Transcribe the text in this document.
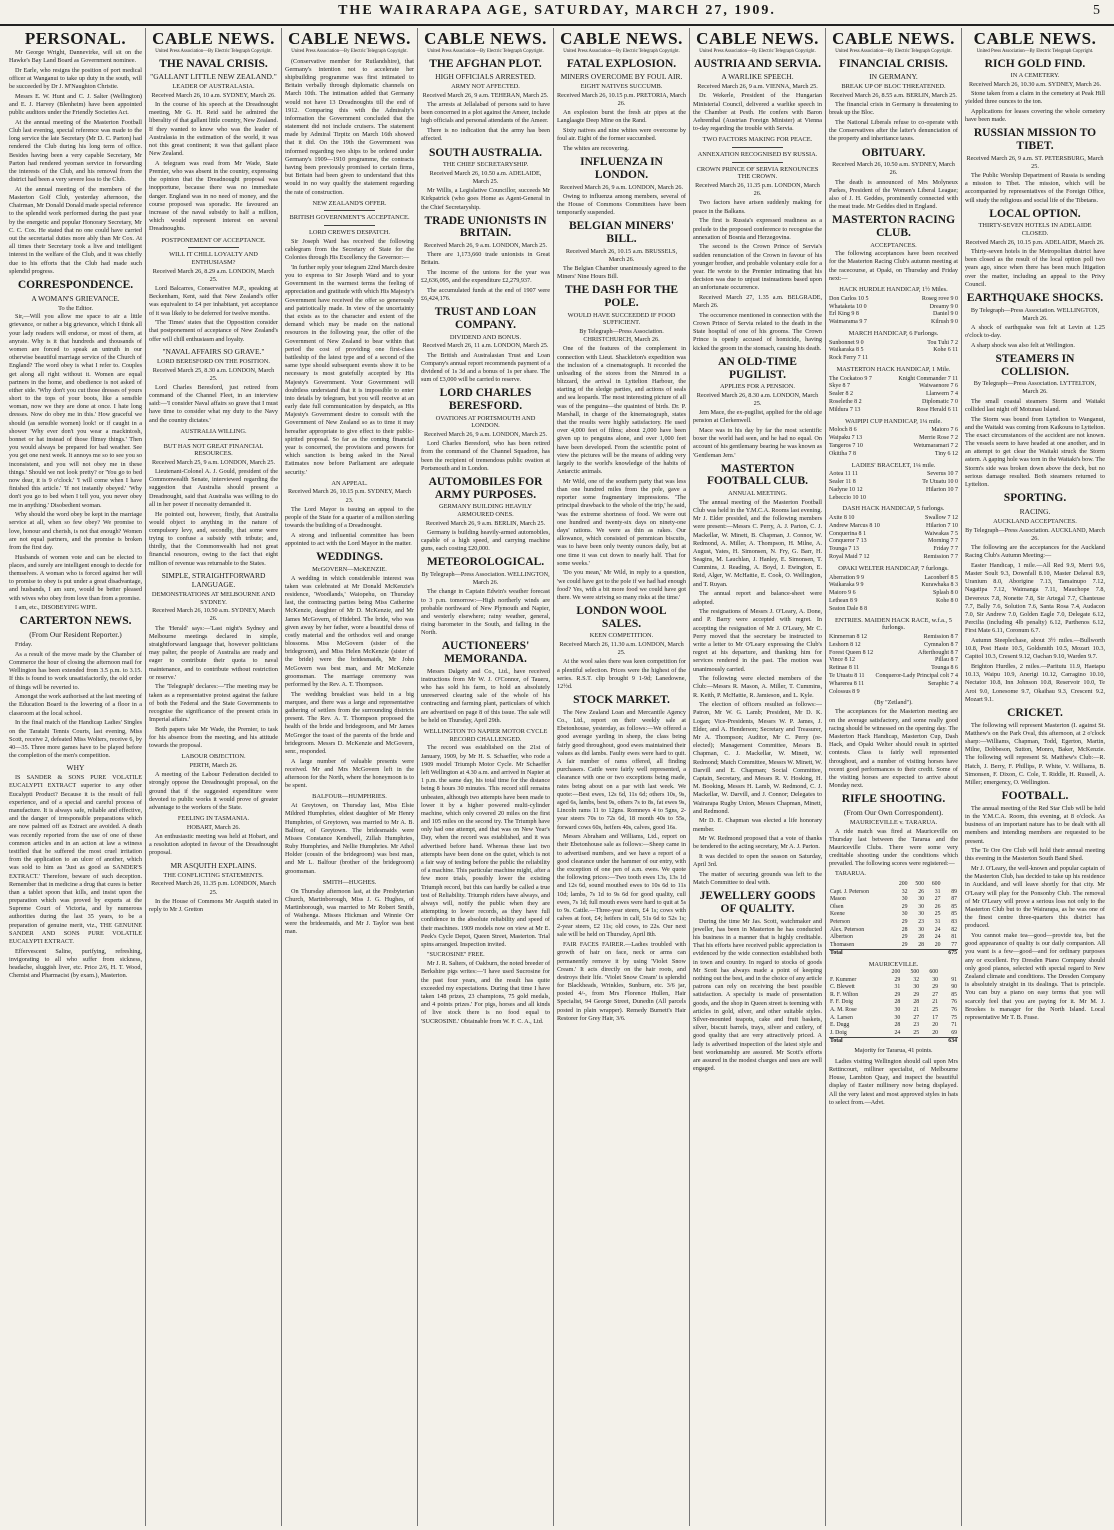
THE WAIRARAPA AGE, SATURDAY, MARCH 27, 1909.	5
PERSONAL.

Mr George Wright, Dannevirke, will sit on the Hawke's Bay Land Board as Government nominee.

Dr Earle, who resigns the position of port medical officer at Wanganui to take up duty in the south, will be succeeded by Dr J. M'Naughton Christie.

Messrs E. W. Hunt and C. J. Salter (Wellington) and E. J. Harvey (Blenheim) have been appointed public auditors under the Friendly Societies Act.

At the annual meeting of the Masterton Football Club last evening, special reference was made to the long service the late Secretary (Mr D. C. Parton) had rendered the Club during his long term of office. Besides having been a very capable Secretary, Mr Parton had rendered yeoman service in forwarding the interests of the Club, and his removal from the district had been a very severe loss to the Club.

At the annual meeting of the members of the Masterton Golf Club, yesterday afternoon, the Chairman, Mr Donald Donald made special reference to the splendid work performed during the past year by the energetic and popular Honorary Secretary, Mr C. C. Cox. He stated that no one could have carried out the secretarial duties more ably than Mr Cox. At all times their Secretary took a live and intelligent interest in the welfare of the Club, and it was chiefly due to his efforts that the Club had made such splendid progress.

CORRESPONDENCE.
A WOMAN'S GRIEVANCE.
To the Editor.

Sir,—Will you allow me space to air a little grievance, or rather a big grievance, which I think all your lady readers will endorse, or most of them, at anyrate. Why is it that hundreds and thousands of women are forced to speak an untruth in our otherwise beautiful marriage service of the Church of England? The word obey is what I refer to. Couples get along all right without it. Women are equal partners in the home, and obedience is not asked of either side. 'Why don't you cut those dresses of yours short to the tops of your boots, like a sensible woman, now we they are done at once. I hate long dresses. Now do obey me in this.' How graceful we should (as sensible women) look! or if caught in a shower 'Why ever don't you wear a mackintosh, bonnet or hat instead of those flimsy things.' Then you would always be prepared for bad weather. See you get one next week. It annoys me so to see you so inconsistent, and you will not obey me in these things.' Should we not look pretty? or 'You go to bed now dear, it is 9 o'clock.' 'I will come when I have finished this article.' 'If not instantly obeyed.' 'Why don't you go to bed when I tell you, you never obey me in anything.' Disobedient woman.

Why should the word obey be kept in the marriage service at all, when so few obey? We promise to love, honour and cherish, is not that enough? Women are not equal partners, and the promise is broken from the first day.

Husbands of women vote and can be elected to places, and surely are intelligent enough to decide for themselves. A woman who is forced against her will to promise to obey is put under a great disadvantage, and husbands, I am sure, would be better pleased with wives who obey from love than from a promise.

I am, etc., DISOBEYING WIFE.

CARTERTON NEWS.
(From Our Resident Reporter.)

Friday.

As a result of the move made by the Chamber of Commerce the hour of closing the afternoon mail for Wellington has been extended from 3.5 p.m. to 3.15. If this is found to work unsatisfactorily, the old order of things will be reverted to.

Amongst the work authorised at the last meeting of the Education Board is the lowering of a floor in a classroom at the local school.

In the final match of the Handicap Ladies' Singles on the Taratahi Tennis Courts, last evening, Miss Scott, receive 2, defeated Miss Wolters, receive 6, by 40—35. Three more games have to be played before the completion of the men's competition.

WHY

IS SANDER & SONS PURE VOLATILE EUCALYPTI EXTRACT superior to any other Eucalypti Product? Because it is the result of full experience, and of a special and careful process of manufacture. It is always safe, reliable and effective, and the danger of irresponsible preparations which are now palmed off as Extract are avoided. A death was recently reported from the use of one of these common articles and in an action at law a witness testified that he suffered the most cruel irritation from the application to an ulcer of another, which was sold to him as 'Just as good as SANDER'S EXTRACT.' Therefore, beware of such deception. Remember that in medicine a drug that cures is better than a tablet spoon that kills, and insist upon the preparation which was proved by experts at the Supreme Court of Victoria, and by numerous authorities during the last 35 years, to be a preparation of genuine merit, viz., THE GENUINE SANDER AND SONS PURE VOLATILE EUCALYPTI EXTRACT.

Effervescent Saline, purifying, refreshing, invigorating to all who suffer from sickness, headache, sluggish liver, etc. Price 2/6, H. T. Wood, Chemist and Pharmacist (by exam.), Masterton.

CABLE NEWS.
United Press Association—By Electric Telegraph Copyright.
THE NAVAL CRISIS.
"GALLANT LITTLE NEW ZEALAND."
LEADER OF AUSTRALASIA.
Received March 26, 10 a.m. SYDNEY, March 26.

In the course of his speech at the Dreadnought meeting, Mr G. H. Reid said he admired the liberality of that gallant little country, New Zealand. If they wanted to know who was the leader of Australasia in the estimation of the world, it was not this great continent; it was that gallant place New Zealand.

A telegram was read from Mr Wade, State Premier, who was absent in the country, expressing the opinion that the Dreadnought proposal was inopportune, because there was no immediate danger. England was in no need of money, and the course proposed was sporadic. He favoured an increase of the naval subsidy to half a million, which would represent interest on several Dreadnoughts.

POSTPONEMENT OF ACCEPTANCE.
WILL IT CHILL LOYALTY AND ENTHUSIASM?
Received March 26, 8.29 a.m. LONDON, March 25.

Lord Balcarres, Conservative M.P., speaking at Beckenham, Kent, said that New Zealand's offer was equivalent to £4 per inhabitant, yet acceptance of it was likely to be deferred for twelve months.

'The Times' states that the Opposition consider that postponement of acceptance of New Zealand's offer will chill enthusiasm and loyalty.

"NAVAL AFFAIRS SO GRAVE."
LORD BERESFORD ON THE POSITION.
Received March 25, 8.30 a.m. LONDON, March 25.

Lord Charles Beresford, just retired from command of the Channel Fleet, in an interview said:—'I consider Naval affairs so grave that I must have time to consider what my duty to the Navy and the country dictates.'

AUSTRALIA WILLING.
BUT HAS NOT GREAT FINANCIAL RESOURCES.
Received March 25, 9 a.m. LONDON, March 25.

Lieutenant-Colonel A. J. Gould, president of the Commonwealth Senate, interviewed regarding the suggestion that Australia should present a Dreadnought, said that Australia was willing to do all in her power if necessity demanded it.

He pointed out, however, firstly, that Australia would object to anything in the nature of compulsory levy, and, secondly, that some were trying to confuse a subsidy with tribute; and, thirdly, that the Commonwealth had not great financial resources, owing to the fact that eight million of revenue was returnable to the States.

SIMPLE, STRAIGHTFORWARD LANGUAGE.
DEMONSTRATIONS AT MELBOURNE AND SYDNEY.
Received March 26, 10.50 a.m. SYDNEY, March 26.

The 'Herald' says:—'Last night's Sydney and Melbourne meetings declared in simple, straightforward language that, however politicians may palter, the people of Australia are ready and eager to contribute their quota to naval maintenance, and to contribute without restriction or reserve.'

The 'Telegraph' declares:—'The meeting may be taken as a representative protest against the failure of both the Federal and the State Governments to recognise the significance of the present crisis in Imperial affairs.'

Both papers take Mr Wade, the Premier, to task for his absence from the meeting, and his attitude towards the proposal.

LABOUR OBJECTION.
PERTH, March 26.

A meeting of the Labour Federation decided to strongly oppose the Dreadnought proposal, on the ground that if the suggested expenditure were devoted to public works it would prove of greater advantage to the workers of the State.

FEELING IN TASMANIA.
HOBART, March 26.

An enthusiastic meeting was held at Hobart, and a resolution adopted in favour of the Dreadnought proposal.

MR ASQUITH EXPLAINS.
THE CONFLICTING STATEMENTS.
Received March 26, 11.35 p.m. LONDON, March 25.

In the House of Commons Mr Asquith stated in reply to Mr J. Gretton

CABLE NEWS.
United Press Association—By Electric Telegraph Copyright.

(Conservative member for Rutlandshire), that Germany's intention not to accelerate her shipbuilding programme was first intimated to Britain verbally through diplomatic channels on March 10th. The intimation added that Germany would not have 13 Dreadnoughts till the end of 1912. Comparing this with the Admiralty's information the Government concluded that the statement did not include cruisers. The statement made by Admiral Tirpitz on March 16th showed that it did. On the 19th the Government was informed regarding two ships to be ordered under Germany's 1909—1910 programme, the contracts having been previously promised to certain firms, but Britain had been given to understand that this would in no way qualify the statement regarding the rate of construction.

NEW ZEALAND'S OFFER.
BRITISH GOVERNMENT'S ACCEPTANCE.
LORD CREWE'S DESPATCH.

Sir Joseph Ward has received the following cablegram from the Secretary of State for the Colonies through His Excellency the Governor:—

'In further reply your telegram 22nd March desire you to express to Sir Joseph Ward and to your Government in the warmest terms the feeling of appreciation and gratitude with which His Majesty's Government have received the offer so generously and patriotically made. In view of the uncertainty that exists as to the character and extent of the demand which may be made on the national resources in the following year, the offer of the Government of New Zealand to bear within that period the cost of providing one first-class battleship of the latest type and of a second of the same type should subsequent events show it to be necessary is most gratefully accepted by His Majesty's Government. Your Government will doubtless understand that it is impossible to enter into details by telegram, but you will receive at an early date full communication by despatch, as His Majesty's Government desire to consult with the Government of New Zealand so as to time it may hereafter appropriate to give effect to their public-spirited proposal. So far as the coming financial year is concerned, the provisions and powers for which sanction is being asked in the Naval Estimates now before Parliament are adequate security.'

AN APPEAL.
Received March 26, 10.15 p.m. SYDNEY, March 23.

The Lord Mayor is issuing an appeal to the people of the State for a quarter of a million sterling towards the building of a Dreadnought.

A strong and influential committee has been appointed to act with the Lord Mayor in the matter.

WEDDINGS.
McGOVERN—McKENZIE.

A wedding in which considerable interest was taken was celebrated at Mr Donald McKenzie's residence, 'Woodlands,' Waiopehu, on Thursday last, the contracting parties being Miss Catherine McKenzie, daughter of Mr D. McKenzie, and Mr James McGovern, of Hidebrd. The bride, who was given away by her father, wore a beautiful dress of costly material and the orthodox veil and orange blossoms. Miss McGovern (sister of the bridegroom), and Miss Helen McKenzie (sister of the bride) were the bridesmaids, Mr John McGovern was best man, and Mr McKenzie groomsman. The marriage ceremony was performed by the Rev. A. T. Thompson.

The wedding breakfast was held in a big marquee, and there was a large and representative gathering of settlers from the surrounding districts present. The Rev. A. T. Thompson proposed the health of the bride and bridegroom, and Mr James McGregor the toast of the parents of the bride and bridegroom. Messrs D. McKenzie and McGovern, senr., responded.

A large number of valuable presents were received. Mr and Mrs McGovern left in the afternoon for the North, where the honeymoon is to be spent.

BALFOUR—HUMPHRIES.

At Greytown, on Thursday last, Miss Elsie Mildred Humphries, eldest daughter of Mr Henry Humphries, of Greytown, was married to Mr A. B. Balfour, of Greytown. The bridesmaids were Misses Constance Kendwell, Zillah Humphries, Ruby Humphries, and Nellie Humphries. Mr Athol Holder (cousin of the bridegroom) was best man, and Mr L. Balfour (brother of the bridegroom) groomsman.

SMITH—HUGHES.

On Thursday afternoon last, at the Presbyterian Church, Martinborough, Miss J. G. Hughes, of Martinborough, was married to Mr Robert Smith, of Waihenga. Misses Hickman and Winnie Orr were the bridesmaids, and Mr J. Taylor was best man.

CABLE NEWS.
United Press Association—By Electric Telegraph Copyright.
THE AFGHAN PLOT.
HIGH OFFICIALS ARRESTED.
ARMY NOT AFFECTED.
Received March 26, 9 a.m. TEHERAN, March 25.

The arrests at Jellalabad of persons said to have been concerned in a plot against the Ameer, include high officials and personal attendants of the Ameer.

There is no indication that the army has been affected.

SOUTH AUSTRALIA.
THE CHIEF SECRETARYSHIP.
Received March 26, 10.50 a.m. ADELAIDE, March 25.

Mr Willis, a Legislative Councillor, succeeds Mr Kirkpatrick (who goes Home as Agent-General in the Chief Secretaryship.

TRADE UNIONISTS IN BRITAIN.
Received March 26, 9 a.m. LONDON, March 25.

There are 1,173,660 trade unionists in Great Britain.

The income of the unions for the year was £2,636,095, and the expenditure £2,279,937.

The accumulated funds at the end of 1907 were £6,424,176.

TRUST AND LOAN COMPANY.
DIVIDEND AND BONUS.
Received March 26, 11 a.m. LONDON, March 25.

The British and Australasian Trust and Loan Company's annual report recommends payment of a dividend of 1s 3d and a bonus of 1s per share. The sum of £3,000 will be carried to reserve.

LORD CHARLES BERESFORD.
OVATIONS AT PORTSMOUTH AND LONDON.
Received March 26, 9 a.m. LONDON, March 25.

Lord Charles Beresford, who has been retired from the command of the Channel Squadron, has been the recipient of tremendous public ovation at Portsmouth and in London.

AUTOMOBILES FOR ARMY PURPOSES.
GERMANY BUILDING HEAVILY ARMOURED ONES.
Received March 26, 9 a.m. BERLIN, March 25.

Germany is building heavily-armed automobiles, capable of a high speed, and carrying machine guns, each costing £20,000.

METEOROLOGICAL.
By Telegraph—Press Association. WELLINGTON, March 26.

The change in Captain Edwin's weather forecast to 3 p.m. tomorrow:—High northerly winds are probable northward of New Plymouth and Napier, and westerly elsewhere; rainy weather, general, rising barometer in the South, and falling in the North.

AUCTIONEERS' MEMORANDA.

Messrs Dalgety and Co., Ltd., have received instructions from Mr W. J. O'Connor, of Taueru, who has sold his farm, to hold an absolutely unreserved clearing sale of the whole of his contracting and farming plant, particulars of which are advertised on page 8 of this issue. The sale will be held on Thursday, April 29th.

WELLINGTON TO NAPIER MOTOR CYCLE RECORD CHALLENGED.

The record was established on the 21st of January, 1909, by Mr H. S. Schaeffer, who rode a 1909 model Triumph Motor Cycle. Mr Schaeffer left Wellington at 4.30 a.m. and arrived in Napier at 1 p.m. the same day, his total time for the distance being 8 hours 30 minutes. This record still remains unbeaten, although two attempts have been made to lower it by a higher powered multi-cylinder machine, which only covered 20 miles on the first and 105 miles on the second try. The Triumph have only had one attempt, and that was on New Year's Day, when the record was established, and it was advertised before hand. Whereas these last two attempts have been done on the quiet, which is not a fair way of testing before the public the reliability of a machine. This particular machine might, after a few more trials, possibly lower the existing Triumph record, but this can hardly be called a true test of Reliability. Triumph riders have always, and always will, notify the public when they are attempting to lower records, as they have full confidence in the absolute reliability and speed of their machines. 1909 models now on view at Mr E. Peek's Cycle Depot, Queen Street, Masterton. Trial spins arranged. Inspection invited.

"SUCROSINE" FREE.

Mr J. R. Salters, of Oakburn, the noted breeder of Berkshire pigs writes:—'I have used Sucrosine for the past four years, and the result has quite exceeded my expectations. During that time I have taken 148 prizes, 23 champions, 75 gold medals, and 4 points prizes.' For pigs, horses and all kinds of live stock there is no food equal to 'SUCROSINE.' Obtainable from W. F. C. A., Ltd.

CABLE NEWS.
United Press Association—By Electric Telegraph Copyright.
FATAL EXPLOSION.
MINERS OVERCOME BY FOUL AIR.
EIGHT NATIVES SUCCUMB.
Received March 26, 10.15 p.m. PRETORIA, March 26.

An explosion burst the fresh air pipes at the Langlaagte Deep Mine on the Rand.

Sixty natives and nine whites were overcome by foul air. Eight of the former succumbed.

The whites are recovering.

INFLUENZA IN LONDON.
Received March 26, 9 a.m. LONDON, March 26.

Owing to influenza among members, several of the House of Commons Committees have been temporarily suspended.

BELGIAN MINERS' BILL.
Received March 26, 10.15 a.m. BRUSSELS, March 26.

The Belgian Chamber unanimously agreed to the Miners' Nine Hours Bill.

THE DASH FOR THE POLE.
WOULD HAVE SUCCEEDED IF FOOD SUFFICIENT.
By Telegraph—Press Association. CHRISTCHURCH, March 26.

One of the features of the complement in connection with Lieut. Shackleton's expedition was the inclusion of a cinematograph. It recorded the unloading of the stores from the Nimrod in a blizzard, the arrival in Lyttelton Harbour, the starting of the sledge parties, and actions of seals and sea leopards. The most interesting picture of all was of the penguins—the quaintest of birds. Dr. P. Marshall, in charge of the kinematograph, states that the results were highly satisfactory. He used over 4,000 feet of films; about 2,000 have been given up to penguins alone, and over 1,000 feet have been developed. From the scientific point of view the pictures will be the means of adding very largely to the world's knowledge of the habits of Antarctic animals.

Mr Wild, one of the southern party that was less than one hundred miles from the pole, gave a reporter some fragmentary impressions. 'The principal drawback to the whole of the trip,' he said, 'was the extreme shortness of food. We were out one hundred and twenty-six days on ninety-one days' rations. We were as thin as rakes. Our allowance, which consisted of pemmican biscuits, was to have been only twenty ounces daily, but at one time it was cut down to nearly half. That for some weeks.'

'Do you mean,' Mr Wild, in reply to a question, 'we could have got to the pole if we had had enough food? Yes, with a bit more food we could have got there. We were striving so many risks at the time.'

LONDON WOOL SALES.
KEEN COMPETITION.
Received March 26, 11.30 a.m. LONDON, March 25.

At the wool sales there was keen competition for a plentiful selection. Prices were the highest of the series. R.S.T. clip brought 9 1-9d; Lanedowne, 12½d.

STOCK MARKET.

The New Zealand Loan and Mercantile Agency Co., Ltd., report on their weekly sale at Ebetonhouse, yesterday, as follows:—We offered a good average yarding in sheep, the class being fairly good throughout, good ewes maintained their values as did lambs. Faulty ewes were hard to quit. A fair number of rams offered, all finding purchasers. Cattle were fairly well represented, a clearance with one or two exceptions being made, rates being about on a par with last week. We quote:—Best ewes, 12s 6d, 11s 6d; others 10s, 9s, aged 6s, lambs, best 9s, others 7s to 8s, fat ewes 9s, Lincoln rams 11 to 12gns. Romneys 4 to 5gns, 2-year steers 70s to 72s 6d, 18 month 40s to 55s, forward cows 60s, heifers 40s, calves, good 16s.

Messrs Abraham and Williams, Ltd., report on their Ebetonhouse sale as follows:—Sheep came in to advertised numbers, and we have a report of a good clearance under the hammer of our entry, with the exception of one pen of a.m. ewes. We quote the following prices:—Two tooth ewes 13s, 13s 1d and 12s 6d, sound mouthed ewes to 10s 6d to 11s 10d; lambs, 7s 1d to 9s 6d for good quality, cull ewes, 7s 1d; full mouth ewes were hard to quit at 5s to 9s. Cattle.—Three-year steers, £4 1s; cows with calves at foot, £4; heifers in calf, 51s 6d to 52s 1s; 2-year steers, £2 11s; old cows, to 22s. Our next sale will be held on Thursday, April 8th.

FAIR FACES FAIRER.—Ladies troubled with growth of hair on face, neck or arms can permanently remove it by using 'Violet Snow Cream.' It acts directly on the hair roots, and destroys their life. 'Violet Snow Cream' is splendid for Blackheads, Wrinkles, Sunburn, etc. 3/6 jar, posted 4/-, from Mrs Florence Hullen, Hair Specialist, 94 George Street, Dunedin (All parcels posted in plain wrapper). Remedy Burnett's Hair Restorer for Grey Hair, 3/6.

CABLE NEWS.
United Press Association—By Electric Telegraph Copyright.
AUSTRIA AND SERVIA.
A WARLIKE SPEECH.
Received March 26, 9 a.m. VIENNA, March 25.

Dr. Wekerle, President of the Hungarian Ministerial Council, delivered a warlike speech in the Chamber at Pesth. He confers with Baron Aehrenthal (Austrian Foreign Minister) at Vienna to-day regarding the trouble with Servia.

TWO FACTORS MAKING FOR PEACE.
ANNEXATION RECOGNISED BY RUSSIA.
CROWN PRINCE OF SERVIA RENOUNCES THE CROWN.
Received March 26, 11.35 p.m. LONDON, March 26.

Two factors have arisen suddenly making for peace in the Balkans.

The first is Russia's expressed readiness as a prelude to the proposed conference to recognise the annexation of Bosnia and Herzegovina.

The second is the Crown Prince of Servia's sudden renunciation of the Crown in favour of his younger brother, and probable voluntary exile for a year. He wrote to the Premier intimating that his decision was due to unjust insinuations based upon an unfortunate occurrence.

Received March 27, 1.35 a.m. BELGRADE, March 26.

The occurrence mentioned in connection with the Crown Prince of Servia related to the death in the State hospital of one of his grooms. The Crown Prince is openly accused of homicide, having kicked the groom in the stomach, causing his death.

AN OLD-TIME PUGILIST.
APPLIES FOR A PENSION.
Received March 26, 8.30 a.m. LONDON, March 25.

Jem Mace, the ex-pugilist, applied for the old age pension at Clerkenwell.

Mace was in his day by far the most scientific boxer the world had seen, and he had no equal. On account of his gentlemany bearing he was known as 'Gentleman Jem.'

MASTERTON FOOTBALL CLUB.
ANNUAL MEETING.

The annual meeting of the Masterton Football Club was held in the Y.M.C.A. Rooms last evening. Mr J. Elder presided, and the following members were present:—Messrs C. Perry, A. J. Parton, C. J. Mackellar, W. Minett, B. Chapman, J. Connor, W. Redmond, A. Miller, A. Thompson, H. Milne, A. August, Yates, H. Simonsen, N. Fry, G. Barr, H. Seagins, M. Lauchlan, J. Hanley, E. Simonsen, T. Cummins, J. Reading, A. Boyd, J. Ewington, E. Reid, Alger, W. McHattie, E. Cook, O. Wellington, and T. Ruyan.

The annual report and balance-sheet were adopted.

The resignations of Messrs J. O'Leary, A. Done, and P. Barry were accepted with regret. In accepting the resignation of Mr J. O'Leary, Mr C. Perry moved that the secretary be instructed to write a letter to Mr O'Leary expressing the Club's regret at his departure, and thanking him for services rendered in the past. The motion was unanimously carried.

The following were elected members of the Club:—Messrs R. Mason, A. Miller, T. Cummins, R. Keith, P. McHattie, R. Jamieson, and L. Kyle.

The election of officers resulted as follows:—Patron, Mr W. G. Lamb; President, Mr D. K. Logan; Vice-Presidents, Messrs W. P. James, J. Elder, and A. Henderson; Secretary and Treasurer, Mr A. Thompson; Auditor, Mr C. Perry (re-elected); Management Committee, Messrs B. Chapman, C. J. Mackellar, W. Minett, W. Redmond; Match Committee, Messrs W. Minett, W. Darvill and E. Chapman; Social Committee, Captain, Secretary, and Messrs R. V. Hosking, H. M. Booking, Messrs H. Lamb, W. Redmond, C. J. Mackellar, W. Darvill, and J. Connor; Delegates to Wairarapa Rugby Union, Messrs Chapman, Minett, and Redmond.

Mr D. E. Chapman was elected a life honorary member.

Mr W. Redmond proposed that a vote of thanks be tendered to the acting secretary, Mr A. J. Parton.

It was decided to open the season on Saturday, April 3rd.

The matter of securing grounds was left to the Match Committee to deal with.

JEWELLERY GOODS OF QUALITY.

During the time Mr Jas. Scott, watchmaker and jeweller, has been in Masterton he has conducted his business in a manner that is highly creditable. That his efforts have received public appreciation is evidenced by the wide connection established both in town and country. In regard to stocks of goods Mr Scott has always made a point of keeping nothing out the best, and in the choice of any article patrons can rely on receiving the best possible satisfaction. A specialty is made of presentation goods, and the shop in Queen street is teeming with articles in gold, silver, and other suitable styles. Silver-mounted teapots, cake and fruit baskets, silver, biscuit barrels, trays, silver and cutlery, of good quality that are very attractively priced. A lady is advertised inspection of the latest style and best workmanship are assured. Mr Scott's efforts are assured in the modest charges and uses are well engaged.

CABLE NEWS.
United Press Association—By Electric Telegraph Copyright.
FINANCIAL CRISIS.
IN GERMANY.
BREAK UP OF BLOC THREATENED.
Received March 26, 8.55 a.m. BERLIN, March 25.

The financial crisis in Germany is threatening to break up the Bloc.

The National Liberals refuse to co-operate with the Conservatives after the latter's denunciation of the property and inheritance taxes.

OBITUARY.
Received March 26, 10.50 a.m. SYDNEY, March 26.

The death is announced of Mrs Molyneux Parkes, President of the Women's Liberal League; also of J. H. Geddes, prominently connected with the meat trade. Mr Geddes died in England.

MASTERTON RACING CLUB.
ACCEPTANCES.

The following acceptances have been received for the Masterton Racing Club's autumn meeting at the racecourse, at Opaki, on Thursday and Friday next:—

HACK HURDLE HANDICAP, 1½ Miles.
Don Carlos 10 5	Roseg rove 9 0
Whataketa 10 0	Dreamy 9 0
Erl King 9 8	Daniel 9 0
Waimarama 9 7	Kilrush 9 0
MARCH HANDICAP, 6 Furlongs.
Sunbonnet 9 0	Tou Tuhi 7 2
Waikaraka 8 5	Kohe 6 11
Rock Ferry 7 11
MASTERTON HACK HANDICAP, 1 Mile.
The Cockatoo 9 7	Knight Commander 7 11
Skye 8 7	Waiwaenore 7 6
Sealer 8 2	Llanwern 7 4
Roselethe 8 2	Diplomatic 7 0
Mildura 7 13	Rose Herald 6 11
WAIPIPI CUP HANDICAP, 1¼ mile.
Moloch 8 6	Maioro 7 6
Waipaku 7 13	Merrie Rose 7 2
Tangeros 7 10	Wetumaramari 7 2
Okitiha 7 8	Tiny 6 12
LADIES' BRACELET, 1¼ mile.
Aotea 11 11	Severus 10 7
Sealer 11 8	Te Utuatu 10 0
Nadyne 10 12	Hilarion 10 7
Lebeccio 10 10
DASH HACK HANDICAP, 5 furlongs.
Axite 8 10	Swallow 7 12
Andrew Marcus 8 10	Hilarion 7 10
Conquerina 8 1	Waiwakas 7 5
Conqueror 7 13	Morning 7 7
Tounga 7 13	Friday 7 7
Royal Maid 7 12	Remission 7 7
OPAKI WELTER HANDICAP, 7 furlongs.
Aberration 9 9	Laconberf 8 5
Waikaraka 9 9	Kurawhaka 8 3
Maioro 9 6	Splash 8 0
Lethean 8 9	Kohe 8 0
Seaton Dale 8 8
ENTRIES. MAIDEN HACK RACE, w.f.a., 5 furlongs.
Kinmerran 8 12	Remission 8 7
Leshorn 8 12	Cymnalon 8 7
Forest Queen 8 12	Afterthought 8 7
Vince 8 12	Pillau 8 7
Retinae 8 11	Tounga 8 6
Te Utuatu 8 11 Conqueror-Lady Principal colt 7 4
Wharerea 8 11	Seraphic 7 4
Colossus 8 9
(By "Zetland").

The acceptances for the Masterton meeting are on the average satisfactory, and some really good racing should be witnessed on the opening day. The Masterton Hack Handicap, Masterton Cup, Dash Hack, and Opaki Welter should result in spirited contests. Class is fairly well represented throughout, and a number of visiting horses have recent good performances to their credit. Some of the visiting horses are expected to arrive about Monday next.

RIFLE SHOOTING.
(From Our Own Correspondent).
MAURICEVILLE v. TARARUA.

A ride match was fired at Mauriceville on Thursday last between the Tararua and the Mauriceville Clubs. There were some very creditable shooting under the conditions which prevailed. The following scores were registered:—

TARARUA.

	200	500	600	
Capt. J. Peterson	32	26	31	89
Mason	30	30	27	87
Olsen	29	30	26	85
Keene	30	30	25	85
Peterson	29	23	31	83
Alex. Peterson	28	30	24	82
Albertson	29	28	24	81
Thomasen	29	28	20	77
Total				675
MAURICEVILLE.
	200	500	600	
F. Kummer	29	32	30	91
C. Blewett	31	30	29	90
R. F. Wilton	29	29	27	85
F. F. Doig	28	28	21	76
A. M. Rose	30	21	25	76
A. Larsen	30	27	17	75
E. Dugg	28	23	20	71
J. Doig	24	25	20	69
Total				634
Majority for Tararua, 41 points.

Ladies visiting Wellington should call upon Mrs Rettincourt, milliner specialist, of Melbourne House, Lambton Quay, and inspect the beautiful display of Easter millinery now being displayed. All the very latest and most approved styles in hats to select from.—Advt.

CABLE NEWS.
United Press Association—By Electric Telegraph Copyright.
RICH GOLD FIND.
IN A CEMETERY.
Received March 26, 10.30 a.m. SYDNEY, March 26.

Stone taken from a claim in the cemetery at Peak Hill yielded three ounces to the ton.

Applications for leases covering the whole cemetery have been made.

RUSSIAN MISSION TO TIBET.
Received March 26, 9 a.m. ST. PETERSBURG, March 25.

The Public Worship Department of Russia is sending a mission to Tibet. The mission, which will be accompanied by representatives of the Foreign Office, will study the religious and social life of the Tibetans.

LOCAL OPTION.
THIRTY-SEVEN HOTELS IN ADELAIDE CLOSED.
Received March 26, 10.15 p.m. ADELAIDE, March 26.

Thirty-seven hotels in the Metropolitan district have been closed as the result of the local option poll two years ago, since when there has been much litigation over the matter, including an appeal to the Privy Council.

EARTHQUAKE SHOCKS.
By Telegraph—Press Association. WELLINGTON, March 26.

A shock of earthquake was felt at Levin at 1.25 o'clock to-day.

A sharp shock was also felt at Wellington.

STEAMERS IN COLLISION.
By Telegraph—Press Association. LYTTELTON, March 26.

The small coastal steamers Storm and Waitaki collided last night off Motunau Island.

The Storm was bound from Lyttelton to Wanganui, and the Waitaki was coming from Kaikoura to Lyttelton. The exact circumstances of the accident are not known. The vessels seem to have headed at one another, and in an attempt to get clear the Waitaki struck the Storm astern. A gaping hole was torn in the Waitaki's bow. The Storm's side was broken down above the deck, but no serious damage resulted. Both steamers returned to Lyttelton.

SPORTING.
RACING.
AUCKLAND ACCEPTANCES.
By Telegraph—Press Association. AUCKLAND, March 26.

The following are the acceptances for the Auckland Racing Club's Autumn Meeting:—

Easter Handicap, 1 mile.—All Red 9.9, Merri 9.6, Master Soult 9.3, Downfall 8.10, Master Delaval 8.9, Uranium 8.0, Aborigine 7.13, Tamainupo 7.12, Nagatipa 7.12, Waimanga 7.11, Mauchope 7.8, Devereux 7.8, Nonette 7.8, Sir Artegal 7.7, Chanteuse 7.7, Bally 7.6, Solution 7.6, Santa Rosa 7.4, Audacon 7.0, Sir Andrew 7.0, Golden Eagle 7.0, Delegate 6.12, Percilia (including 4lb penalty) 6.12, Parthenos 6.12, First Mate 6.11, Coronum 6.7.

Autumn Steeplechase, about 3½ miles.—Bullworth 10.8, Post Haste 10.5, Goldsmith 10.5, Mozart 10.3, Capitol 10.3, Cresent 9.12, Oachan 9.10, Warden 9.7.

Brighton Hurdles, 2 miles.—Paritutu 11.9, Haetapu 10.13, Waipu 10.9, Anerigi 10.12, Carragino 10.10, Nectator 10.8, Inn Johnson 10.8, Reservoir 10.0, Te Aroi 9.0, Lonesome 9.7, Okaihau 9.3, Crescent 9.2, Mozart 9.1.

CRICKET.

The following will represent Masterton (I. against St. Matthew's on the Park Oval, this afternoon, at 2 o'clock sharp:—Williams, Chapman, Todd, Egerton, Martin, Milne, Dobbeson, Sutton, Monro, Baker, McKenzie. The following will represent St. Matthew's Club:—R. Hatch, J. Berry, F. Phillips, P. White, V. Williams, B. Simonsen, F. Dixon, C. Cole, T. Riddle, H. Russell, A. Miller; emergency, O. Wellington.

FOOTBALL.

The annual meeting of the Red Star Club will be held in the Y.M.C.A. Room, this evening, at 8 o'clock. As business of an important nature has to be dealt with all members and intending members are requested to be present.

The Te Ore Ore Club will hold their annual meeting this evening in the Masterton South Band Shed.

Mr J. O'Leary, the well-known and popular captain of the Masterton Club, has decided to take up his residence in Auckland, and will leave shortly for that city. Mr O'Leary will play for the Ponsonby Club. The removal of Mr O'Leary will prove a serious loss not only to the Masterton Club but to the Wairarapa, as he was one of the finest centre three-quarters this district has produced.

You cannot make tea—good—provide tea, but the good appearance of quality is our daily companion. All you want is a few—good—and for ordinary purposes any or excellent. Fry Dresden Piano Company should only good pianos, selected with special regard to New Zealand climate and conditions. The Dresden Company is absolutely straight in its dealings. That is principle. You can buy a piano on easy terms that you will scarcely feel that you are paying for it. Mr M. J. Brookes is manager for the North Island. Local representative Mr T. B. Frase.
